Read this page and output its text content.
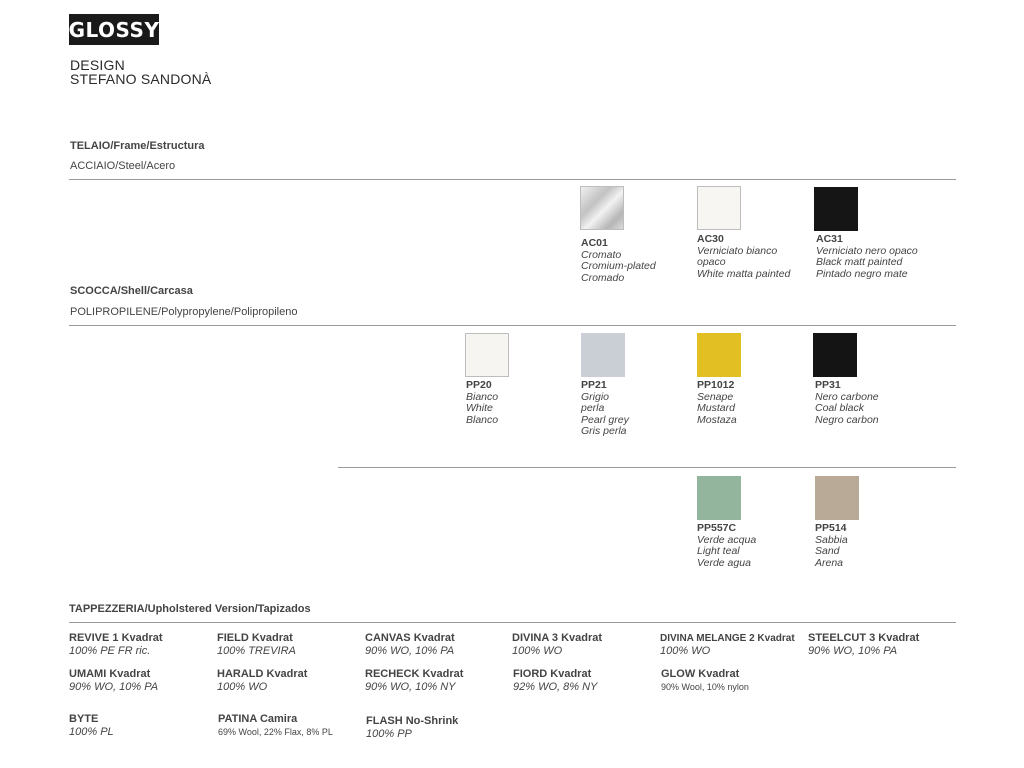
GLOSSY
DESIGN
STEFANO SANDONÀ
TELAIO/Frame/Estructura
ACCIAIO/Steel/Acero
AC01
Cromato
Cromium-plated
Cromado
AC30
Verniciato bianco
opaco
White matta painted
AC31
Verniciato nero opaco
Black matt painted
Pintado negro mate
SCOCCA/Shell/Carcasa
POLIPROPILENE/Polypropylene/Polipropileno
PP20
Bianco
White
Blanco
PP21
Grigio
perla
Pearl grey
Gris perla
PP1012
Senape
Mustard
Mostaza
PP31
Nero carbone
Coal black
Negro carbon
PP557C
Verde acqua
Light teal
Verde agua
PP514
Sabbia
Sand
Arena
TAPPEZZERIA/Upholstered Version/Tapizados
REVIVE 1 Kvadrat
100% PE FR ric.
FIELD Kvadrat
100% TREVIRA
CANVAS Kvadrat
90% WO, 10% PA
DIVINA 3 Kvadrat
100% WO
DIVINA MELANGE 2 Kvadrat
100% WO
STEELCUT 3 Kvadrat
90% WO, 10% PA
UMAMI Kvadrat
90% WO, 10% PA
HARALD Kvadrat
100% WO
RECHECK Kvadrat
90% WO, 10% NY
FIORD Kvadrat
92% WO, 8% NY
GLOW Kvadrat
90% Wool, 10% nylon
BYTE
100% PL
PATINA Camira
69% Wool, 22% Flax, 8% PL
FLASH No-Shrink
100% PP
